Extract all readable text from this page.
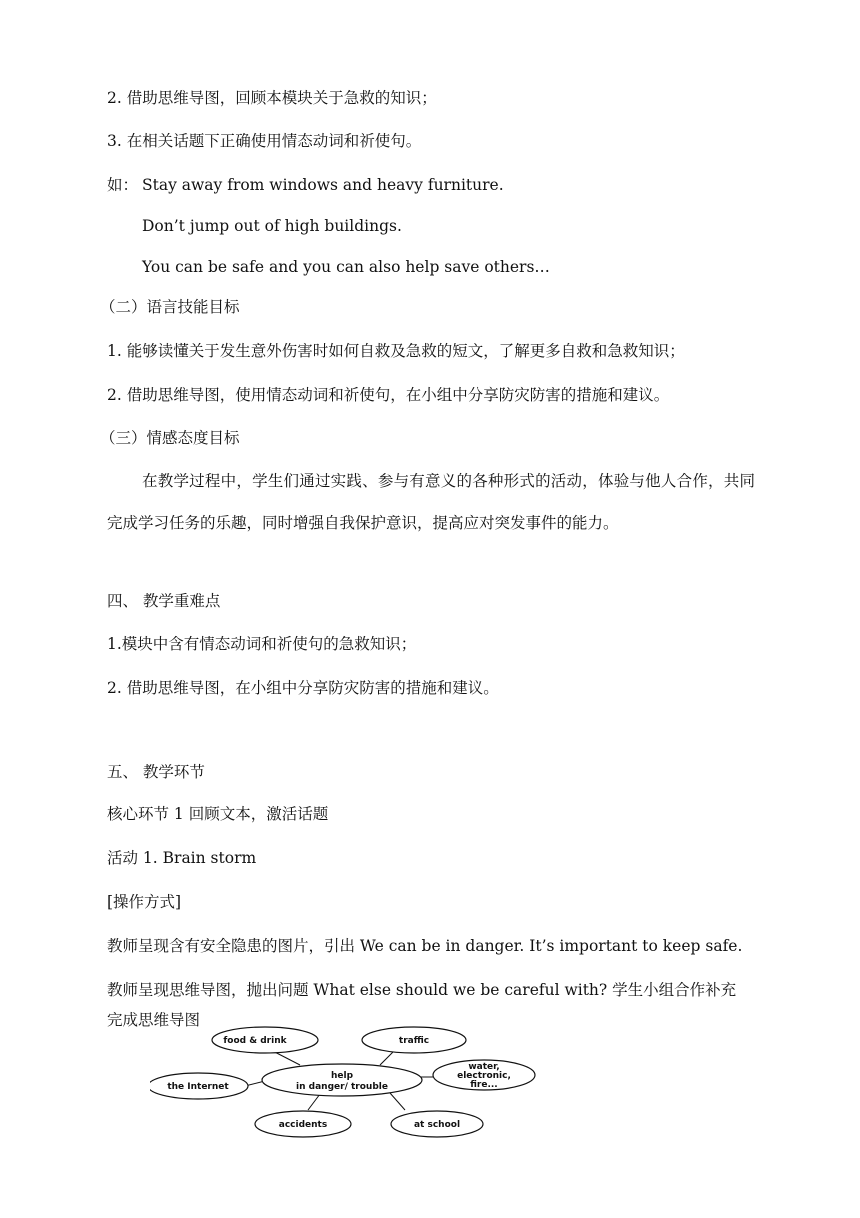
2. 借助思维导图，回顾本模块关于急救的知识；
3. 在相关话题下正确使用情态动词和祈使句。
如： Stay away from windows and heavy furniture.
Don’t jump out of high buildings.
You can be safe and you can also help save others…
（二）语言技能目标
1. 能够读懂关于发生意外伤害时如何自救及急救的短文，了解更多自救和急救知识；
2. 借助思维导图，使用情态动词和祈使句，在小组中分享防灾防害的措施和建议。
（三）情感态度目标
在教学过程中，学生们通过实践、参与有意义的各种形式的活动，体验与他人合作，共同完成学习任务的乐趣，同时增强自我保护意识，提高应对突发事件的能力。
四、 教学重难点
1.模块中含有情态动词和祈使句的急救知识；
2. 借助思维导图，在小组中分享防灾防害的措施和建议。
五、 教学环节
核心环节 1 回顾文本，激活话题
活动 1. Brain storm
[操作方式]
教师呈现含有安全隐患的图片，引出 We can be in danger. It’s important to keep safe.
教师呈现思维导图，抛出问题 What else should we be careful with? 学生小组合作补充
完成思维导图
help
in danger/ trouble
food & drink	traffic
the Internet
water,
electronic,
fire...
accidents	at school
